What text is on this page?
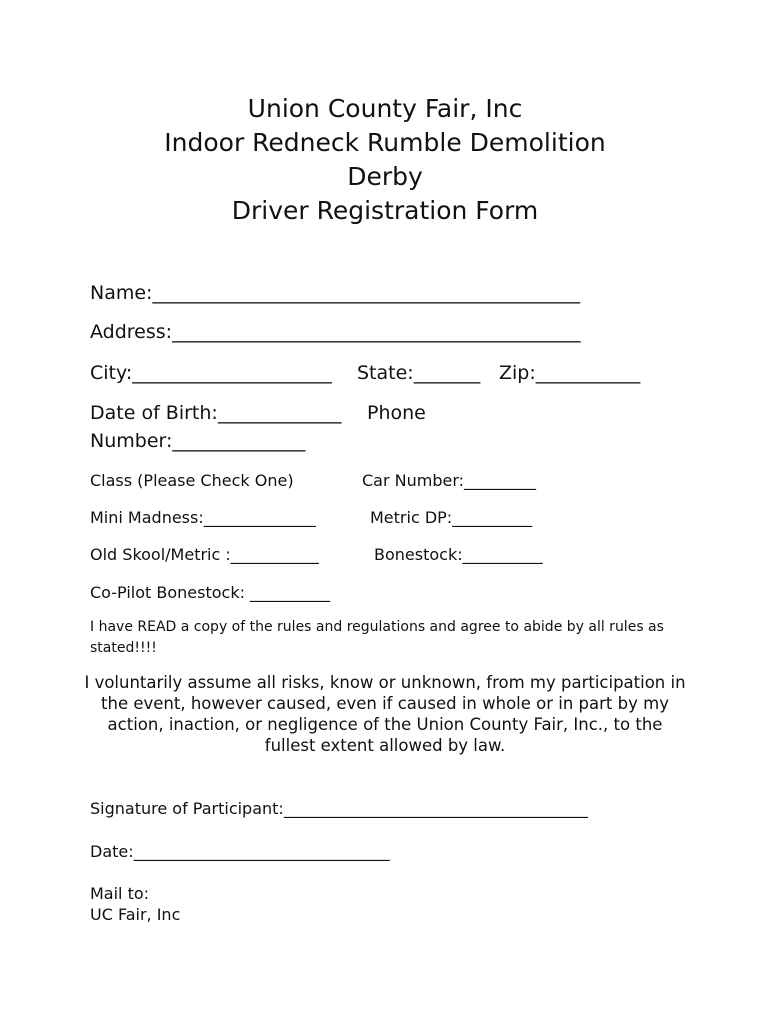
Union County Fair, Inc
Indoor Redneck Rumble Demolition
Derby
Driver Registration Form
Name:_____________________________________________
Address:___________________________________________
City:_____________________ State:_______ Zip:___________
Date of Birth:_____________ Phone
Number:______________
Class (Please Check One)	Car Number:_________
Mini Madness:______________	Metric DP:__________
Old Skool/Metric :___________	Bonestock:__________
Co-Pilot Bonestock: __________
I have READ a copy of the rules and regulations and agree to abide by all rules as stated!!!!
I voluntarily assume all risks, know or unknown, from my participation in the event, however caused, even if caused in whole or in part by my action, inaction, or negligence of the Union County Fair, Inc., to the fullest extent allowed by law.
Signature of Participant:______________________________________
Date:________________________________
Mail to:
UC Fair, Inc
